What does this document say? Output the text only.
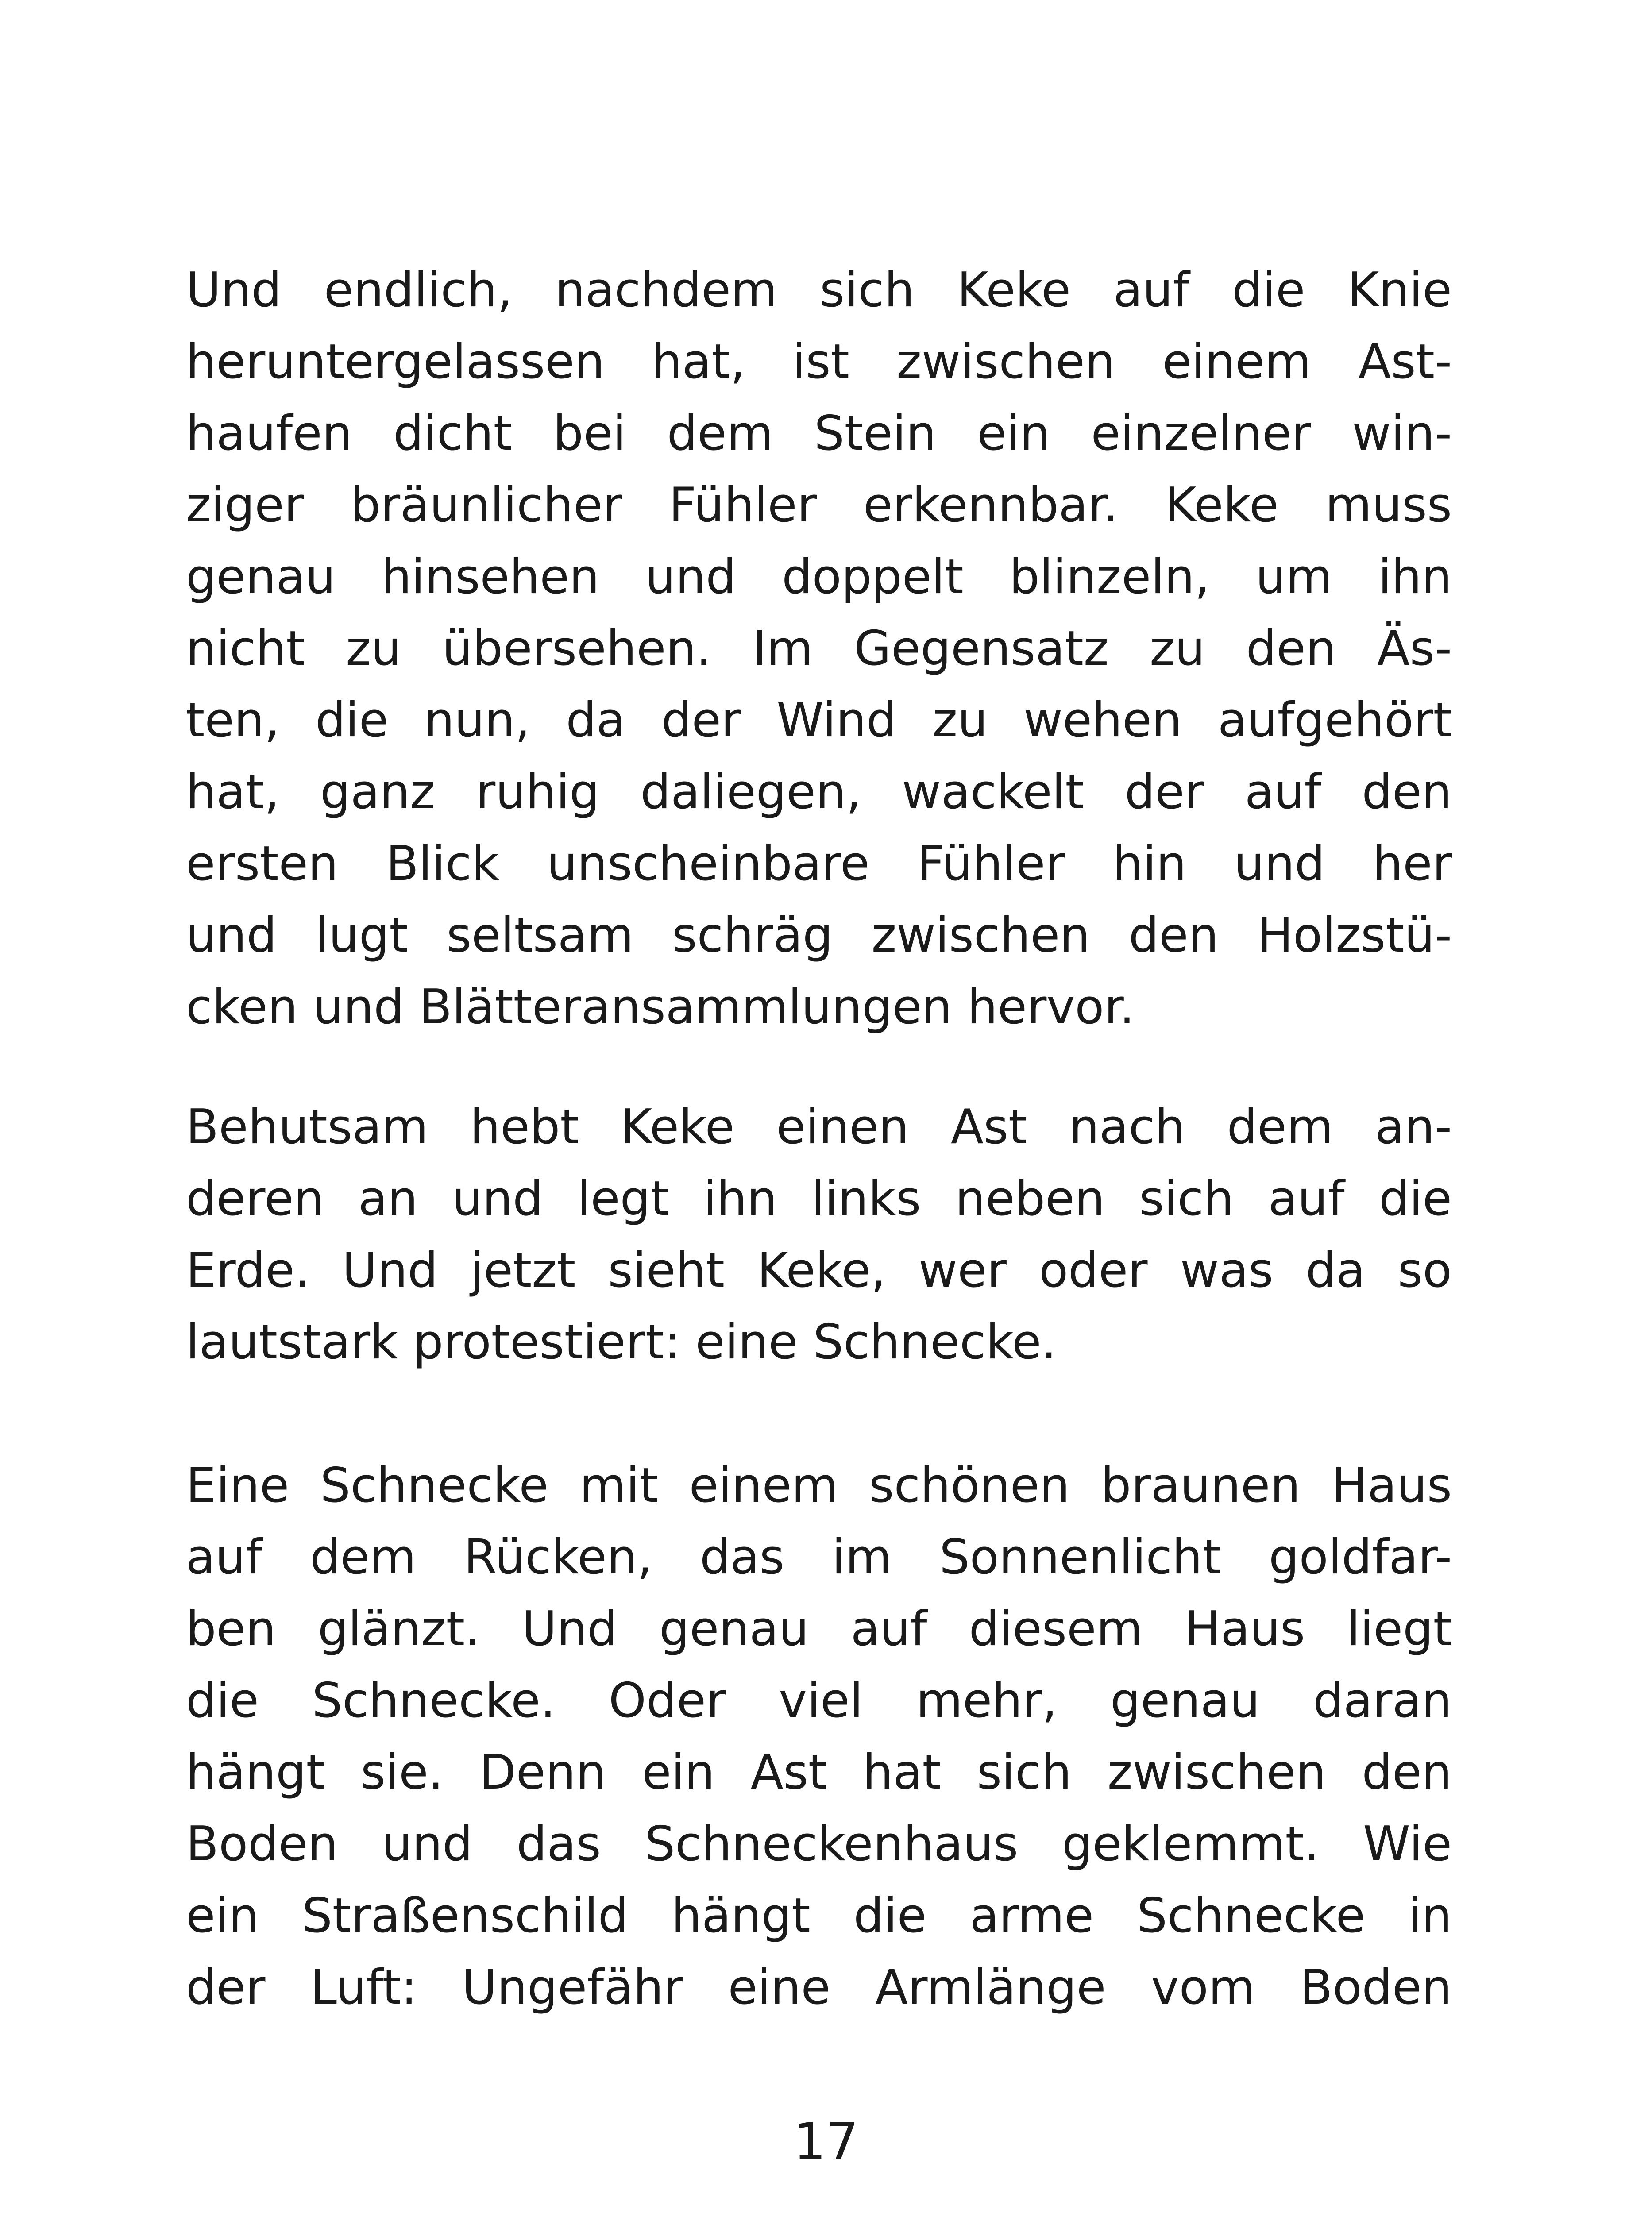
Und endlich, nachdem sich Keke auf die Knie
heruntergelassen hat, ist zwischen einem Ast-
haufen dicht bei dem Stein ein einzelner win-
ziger bräunlicher Fühler erkennbar. Keke muss
genau hinsehen und doppelt blinzeln, um ihn
nicht zu übersehen. Im Gegensatz zu den Äs-
ten, die nun, da der Wind zu wehen aufgehört
hat, ganz ruhig daliegen, wackelt der auf den
ersten Blick unscheinbare Fühler hin und her
und lugt seltsam schräg zwischen den Holzstü-
cken und Blätteransammlungen hervor.
Behutsam hebt Keke einen Ast nach dem an-
deren an und legt ihn links neben sich auf die
Erde. Und jetzt sieht Keke, wer oder was da so
lautstark protestiert: eine Schnecke.
Eine Schnecke mit einem schönen braunen Haus
auf dem Rücken, das im Sonnenlicht goldfar-
ben glänzt. Und genau auf diesem Haus liegt
die Schnecke. Oder viel mehr, genau daran
hängt sie. Denn ein Ast hat sich zwischen den
Boden und das Schneckenhaus geklemmt. Wie
ein Straßenschild hängt die arme Schnecke in
der Luft: Ungefähr eine Armlänge vom Boden
17
